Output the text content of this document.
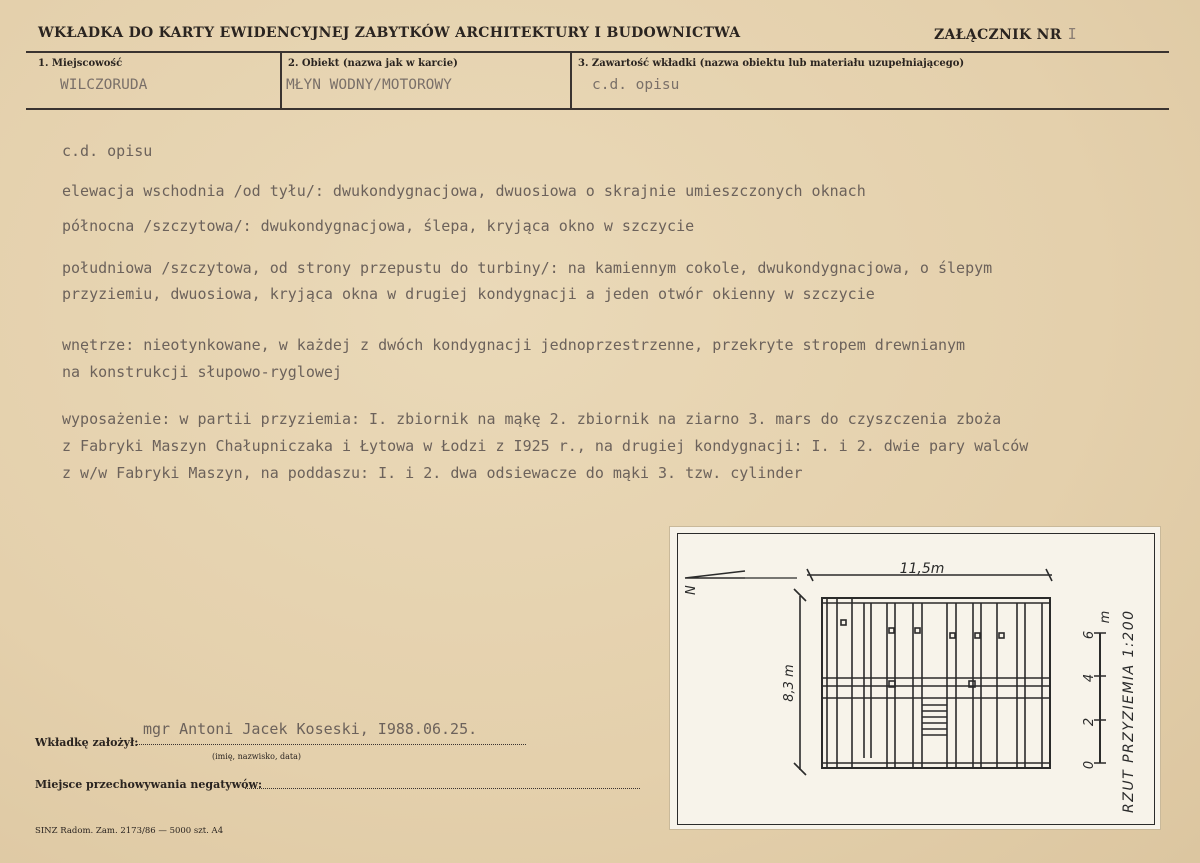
WKŁADKA DO KARTY EWIDENCYJNEJ ZABYTKÓW ARCHITEKTURY I BUDOWNICTWA	ZAŁĄCZNIK NR I
1. Miejscowość	2. Obiekt (nazwa jak w karcie)	3. Zawartość wkładki (nazwa obiektu lub materiału uzupełniającego)
WILCZORUDA	MŁYN WODNY/MOTOROWY	c.d. opisu
c.d. opisu
elewacja wschodnia /od tyłu/: dwukondygnacjowa, dwuosiowa o skrajnie umieszczonych oknach
północna /szczytowa/: dwukondygnacjowa, ślepa, kryjąca okno w szczycie
południowa /szczytowa, od strony przepustu do turbiny/: na kamiennym cokole, dwukondygnacjowa, o ślepym
przyziemiu, dwuosiowa, kryjąca okna w drugiej kondygnacji a jeden otwór okienny w szczycie
wnętrze: nieotynkowane, w każdej z dwóch kondygnacji jednoprzestrzenne, przekryte stropem drewnianym
na konstrukcji słupowo-ryglowej
wyposażenie: w partii przyziemia: I. zbiornik na mąkę 2. zbiornik na ziarno 3. mars do czyszczenia zboża
z Fabryki Maszyn Chałupniczaka i Łytowa w Łodzi z I925 r., na drugiej kondygnacji: I. i 2. dwie pary walców
z w/w Fabryki Maszyn, na poddaszu: I. i 2. dwa odsiewacze do mąki 3. tzw. cylinder
11,5m
N
8,3 m
0
2
4
6
m RZUT PRZYZIEMIA 1:200
Wkładkę założył:
mgr Antoni Jacek Koseski, I988.06.25.
(imię, nazwisko, data)
Miejsce przechowywania negatywów:
SINZ Radom. Zam. 2173/86 — 5000 szt. A4
